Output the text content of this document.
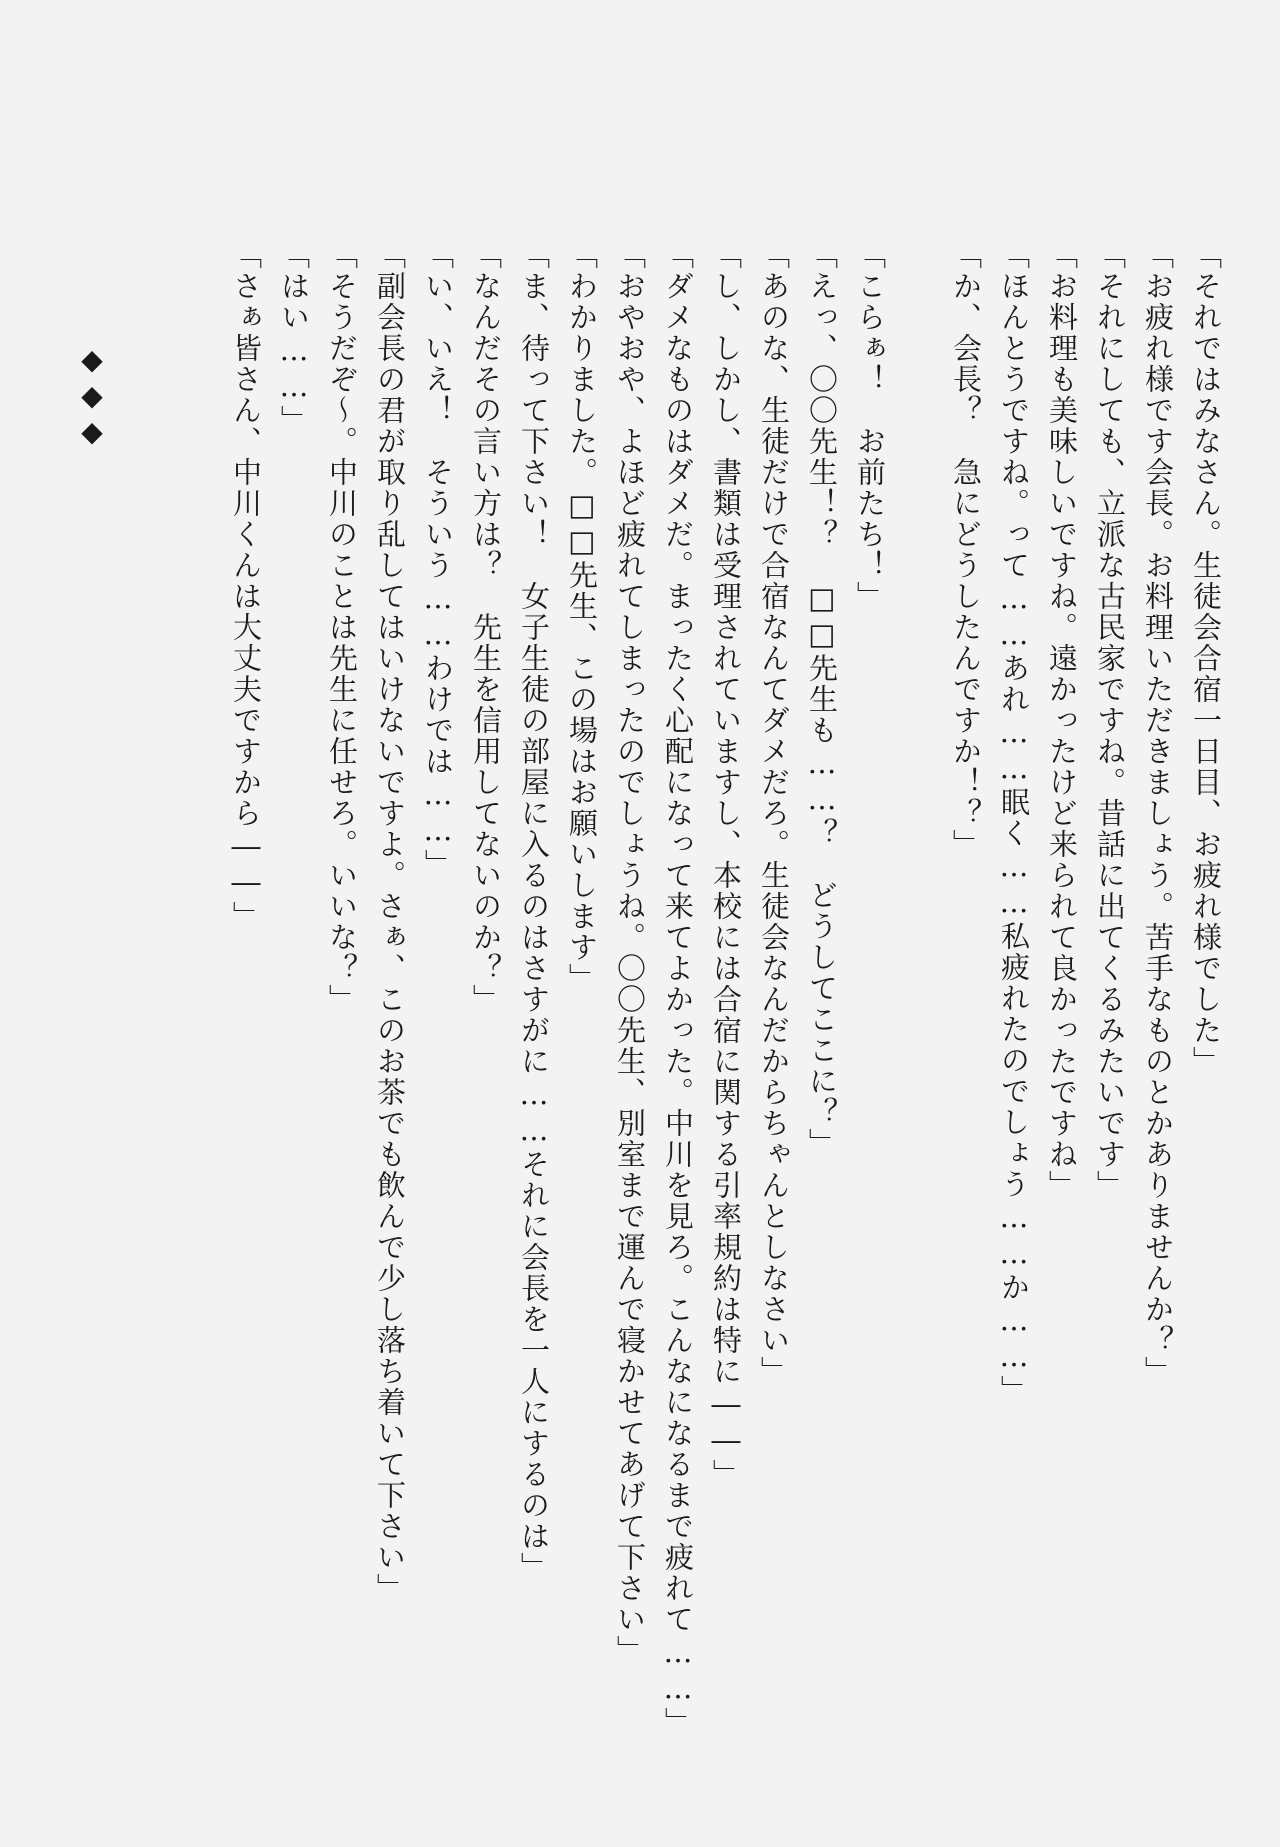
「それではみなさん。生徒会合宿一日目、お疲れ様でした」
「お疲れ様です会長。お料理いただきましょう。苦手なものとかありませんか？」
「それにしても、立派な古民家ですね。昔話に出てくるみたいです」
「お料理も美味しいですね。遠かったけど来られて良かったですね」
「ほんとうですね。って……あれ……眠く……私疲れたのでしょう……か……」
「か、会長？　急にどうしたんですか！？」
「こらぁ！　お前たち！」
「えっ、〇〇先生！？　□□先生も……？　どうしてここに？」
「あのな、生徒だけで合宿なんてダメだろ。生徒会なんだからちゃんとしなさい」
「し、しかし、書類は受理されていますし、本校には合宿に関する引率規約は特に――」
「ダメなものはダメだ。まったく心配になって来てよかった。中川を見ろ。こんなになるまで疲れて……」
「おやおや、よほど疲れてしまったのでしょうね。〇〇先生、別室まで運んで寝かせてあげて下さい」
「わかりました。□□先生、この場はお願いします」
「ま、待って下さい！　女子生徒の部屋に入るのはさすがに……それに会長を一人にするのは」
「なんだその言い方は？　先生を信用してないのか？」
「い、いえ！　そういう……わけでは……」
「副会長の君が取り乱してはいけないですよ。さぁ、このお茶でも飲んで少し落ち着いて下さい」
「そうだぞ～。中川のことは先生に任せろ。いいな？」
「はい……」
「さぁ皆さん、中川くんは大丈夫ですから――」
◆
◆
◆
